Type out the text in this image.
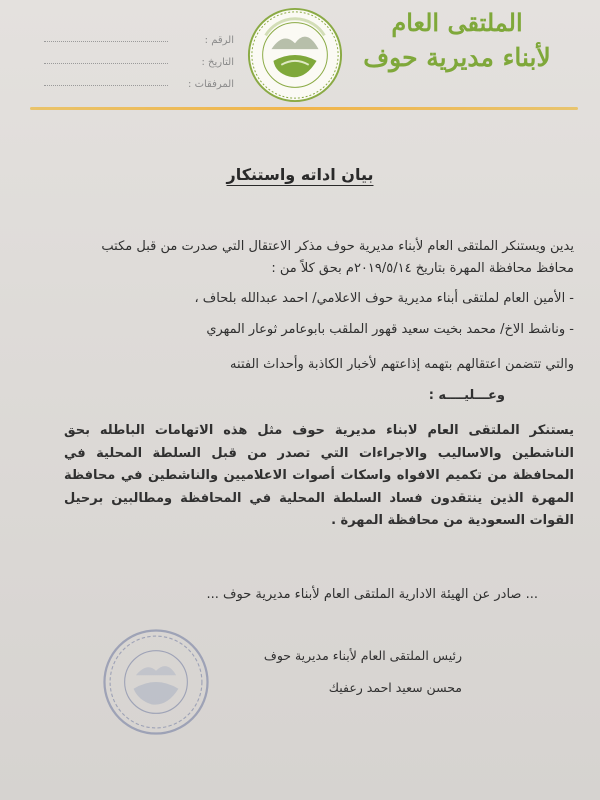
الملتقى العام
لأبناء مديرية حوف
الرقم :
التاريخ :
المرفقات :
بيان اداته واستنكار
يدين ويستنكر الملتقى العام لأبناء مديرية حوف مذكر الاعتقال التي صدرت من قبل مكتب محافظ محافظة المهرة بتاريخ ٢٠١٩/٥/١٤م بحق كلاً من :
- الأمين العام لملتقى أبناء مديرية حوف الاعلامي/ احمد عبدالله بلحاف ،
- وناشط الاخ/ محمد بخيت سعيد قهور الملقب بابوعامر ثوعار المهري
والتي تتضمن اعتقالهم بتهمه إذاعتهم لأخبار الكاذبة وأحداث الفتنه
وعـــليــــه :
يستنكر الملتقى العام لابناء مديرية حوف مثل هذه الاتهامات الباطله بحق الناشطين والاساليب والاجراءات التي تصدر من قبل السلطة المحلية في المحافظة من تكميم الافواه واسكات أصوات الاعلاميين والناشطين في محافظة المهرة الذين ينتقدون فساد السلطة المحلية في المحافظة ومطالبين برحيل القوات السعودية من محافظة المهرة .
... صادر عن الهيئة الادارية الملتقى العام لأبناء مديرية حوف ...
رئيس الملتقى العام لأبناء مديرية حوف
محسن سعيد احمد رعفيك
